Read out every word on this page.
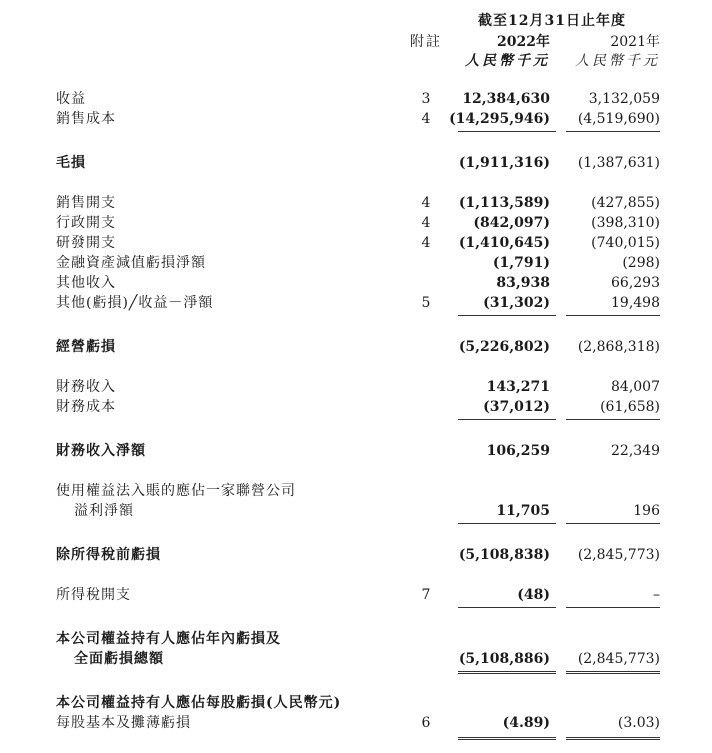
截至12月31日止年度
附註	2022年	2021年
人民幣千元 人民幣千元
收益	3	12,384,630	3,132,059
銷售成本	4	(14,295,946) (4,519,690)
毛損	(1,911,316) (1,387,631)
銷售開支	4	(1,113,589)	(427,855)
行政開支	4	(842,097)	(398,310)
研發開支	4	(1,410,645)	(740,015)
金融資產減值虧損淨額	(1,791)	(298)
其他收入	83,938	66,293
其他(虧損)╱收益－淨額	5	(31,302)	19,498
經營虧損	(5,226,802) (2,868,318)
財務收入	143,271	84,007
財務成本	(37,012)	(61,658)
財務收入淨額	106,259	22,349
使用權益法入賬的應佔一家聯營公司
溢利淨額	11,705	196
除所得稅前虧損	(5,108,838) (2,845,773)
所得稅開支	7	(48)	–
本公司權益持有人應佔年內虧損及
全面虧損總額	(5,108,886) (2,845,773)
本公司權益持有人應佔每股虧損(人民幣元)
每股基本及攤薄虧損	6	(4.89)	(3.03)
